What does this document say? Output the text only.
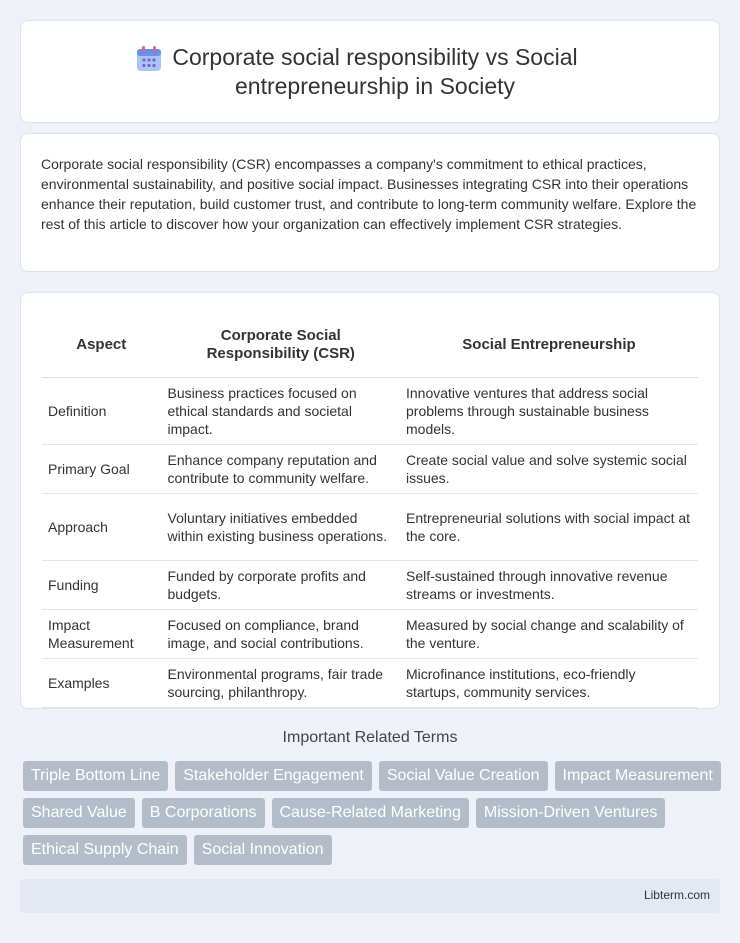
Corporate social responsibility vs Social entrepreneurship in Society

Corporate social responsibility (CSR) encompasses a company's commitment to ethical practices, environmental sustainability, and positive social impact. Businesses integrating CSR into their operations enhance their reputation, build customer trust, and contribute to long-term community welfare. Explore the rest of this article to discover how your organization can effectively implement CSR strategies.

Aspect	Corporate Social Responsibility (CSR)	Social Entrepreneurship
Definition	Business practices focused on ethical standards and societal impact.	Innovative ventures that address social problems through sustainable business models.
Primary Goal	Enhance company reputation and contribute to community welfare.	Create social value and solve systemic social issues.
Approach	Voluntary initiatives embedded within existing business operations.	Entrepreneurial solutions with social impact at the core.
Funding	Funded by corporate profits and budgets.	Self-sustained through innovative revenue streams or investments.
Impact Measurement	Focused on compliance, brand image, and social contributions.	Measured by social change and scalability of the venture.
Examples	Environmental programs, fair trade sourcing, philanthropy.	Microfinance institutions, eco-friendly startups, community services.
Important Related Terms
Triple Bottom Line	Stakeholder Engagement	Social Value Creation	Impact Measurement
Shared Value	B Corporations	Cause-Related Marketing	Mission-Driven Ventures
Ethical Supply Chain	Social Innovation
Libterm.com
